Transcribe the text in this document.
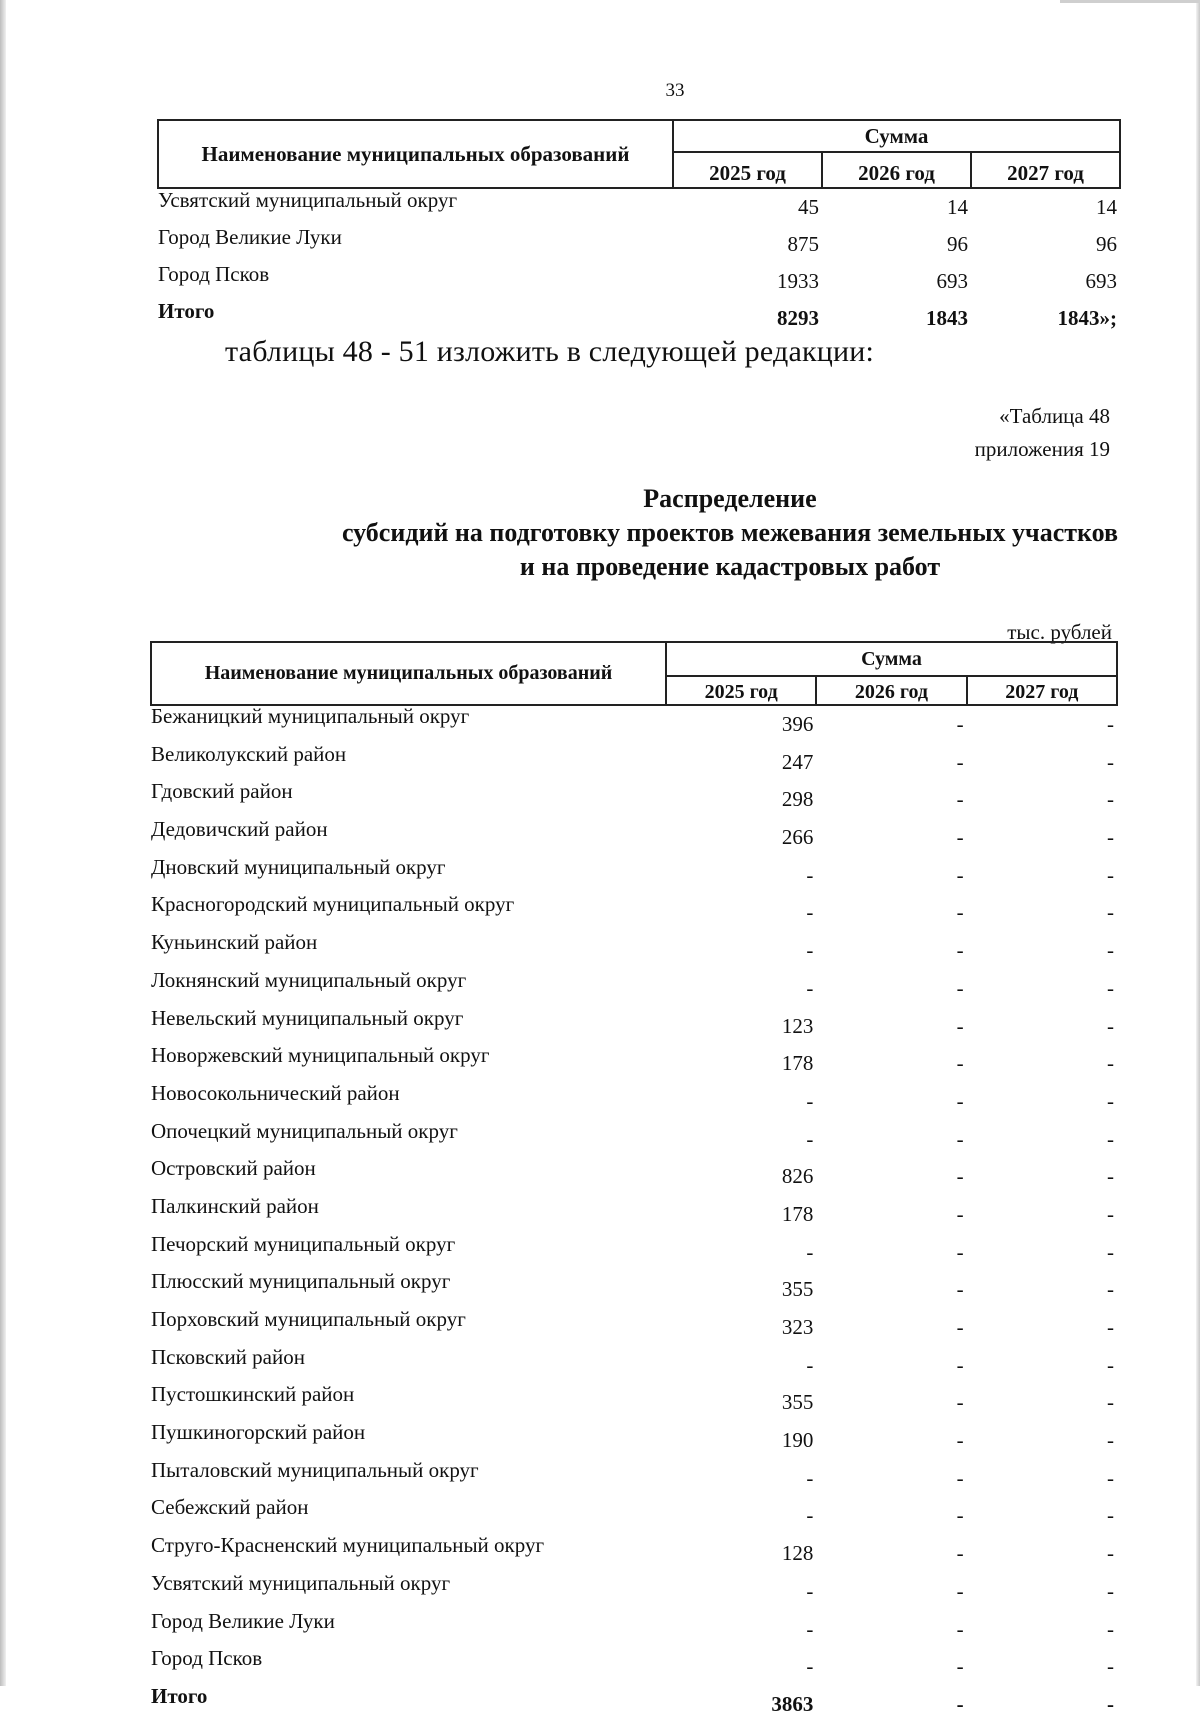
33
Наименование муниципальных образований	Сумма		
	2025 год	2026 год	2027 год
Усвятский муниципальный округ	45	14	14
Город Великие Луки	875	96	96
Город Псков	1933	693	693
Итого	8293	1843	1843»;
таблицы 48 - 51 изложить в следующей редакции:
«Таблица 48
приложения 19
Распределение
субсидий на подготовку проектов межевания земельных участков
и на проведение кадастровых работ
тыс. рублей
Наименование муниципальных образований	Сумма		
	2025 год	2026 год	2027 год
Бежаницкий муниципальный округ	396	-	-
Великолукский район	247	-	-
Гдовский район	298	-	-
Дедовичский район	266	-	-
Дновский муниципальный округ	-	-	-
Красногородский муниципальный округ	-	-	-
Куньинский район	-	-	-
Локнянский муниципальный округ	-	-	-
Невельский муниципальный округ	123	-	-
Новоржевский муниципальный округ	178	-	-
Новосокольнический район	-	-	-
Опочецкий муниципальный округ	-	-	-
Островский район	826	-	-
Палкинский район	178	-	-
Печорский муниципальный округ	-	-	-
Плюсский муниципальный округ	355	-	-
Порховский муниципальный округ	323	-	-
Псковский район	-	-	-
Пустошкинский район	355	-	-
Пушкиногорский район	190	-	-
Пыталовский муниципальный округ	-	-	-
Себежский район	-	-	-
Струго-Красненский муниципальный округ	128	-	-
Усвятский муниципальный округ	-	-	-
Город Великие Луки	-	-	-
Город Псков	-	-	-
Итого	3863	-	-
